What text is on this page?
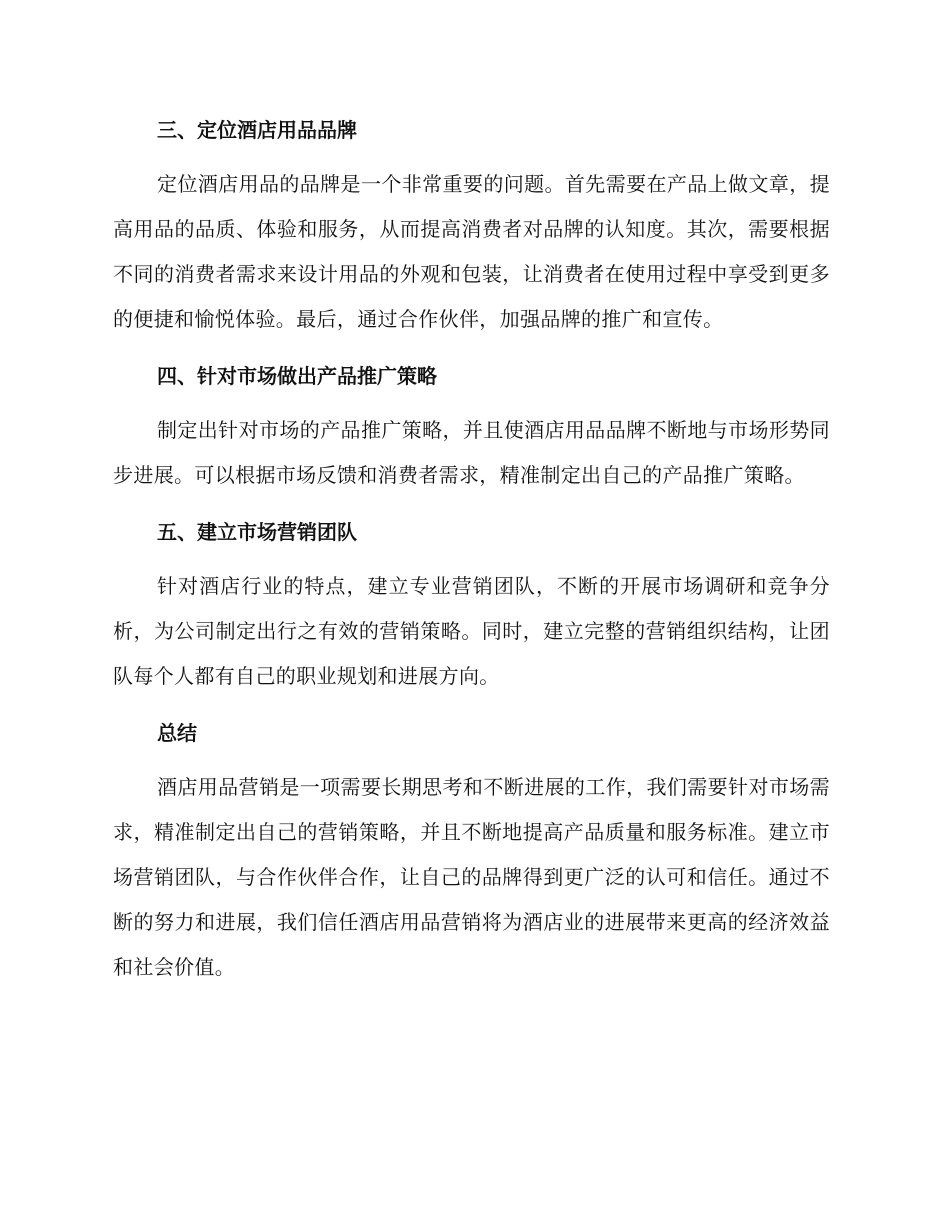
三、定位酒店用品品牌

定位酒店用品的品牌是一个非常重要的问题。首先需要在产品上做文章，提高用品的品质、体验和服务，从而提高消费者对品牌的认知度。其次，需要根据不同的消费者需求来设计用品的外观和包装，让消费者在使用过程中享受到更多的便捷和愉悦体验。最后，通过合作伙伴，加强品牌的推广和宣传。

四、针对市场做出产品推广策略

制定出针对市场的产品推广策略，并且使酒店用品品牌不断地与市场形势同步进展。可以根据市场反馈和消费者需求，精准制定出自己的产品推广策略。

五、建立市场营销团队

针对酒店行业的特点，建立专业营销团队，不断的开展市场调研和竞争分析，为公司制定出行之有效的营销策略。同时，建立完整的营销组织结构，让团队每个人都有自己的职业规划和进展方向。

总结

酒店用品营销是一项需要长期思考和不断进展的工作，我们需要针对市场需求，精准制定出自己的营销策略，并且不断地提高产品质量和服务标准。建立市场营销团队，与合作伙伴合作，让自己的品牌得到更广泛的认可和信任。通过不断的努力和进展，我们信任酒店用品营销将为酒店业的进展带来更高的经济效益和社会价值。
